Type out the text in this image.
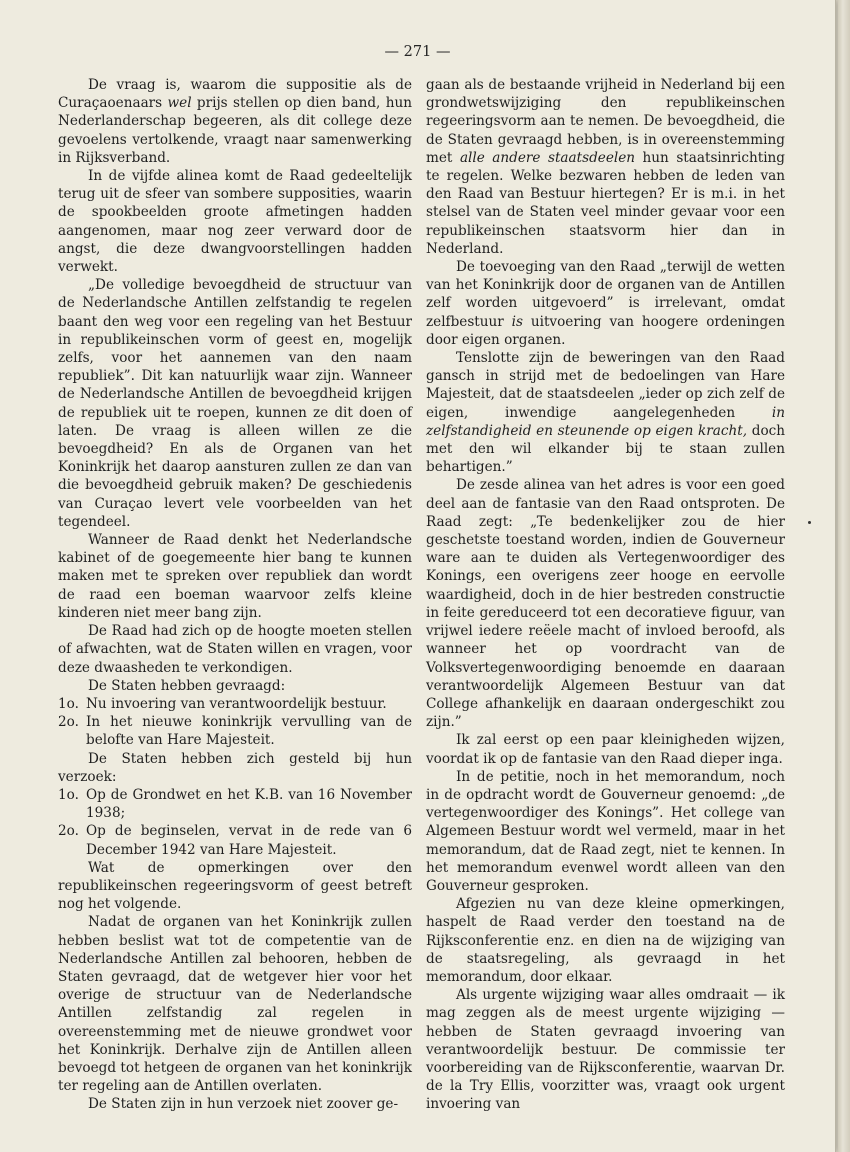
— 271 —

De vraag is, waarom die suppositie als de Curaçaoenaars wel prijs stellen op dien band, hun Nederlanderschap begeeren, als dit college deze gevoelens vertolkende, vraagt naar samenwerking in Rijksverband.

In de vijfde alinea komt de Raad gedeeltelijk terug uit de sfeer van sombere supposities, waarin de spookbeelden groote afmetingen hadden aangenomen, maar nog zeer verward door de angst, die deze dwangvoorstellingen hadden verwekt.

„De volledige bevoegdheid de structuur van de Nederlandsche Antillen zelfstandig te regelen baant den weg voor een regeling van het Bestuur in republikeinschen vorm of geest en, mogelijk zelfs, voor het aannemen van den naam republiek”. Dit kan natuurlijk waar zijn. Wanneer de Nederlandsche Antillen de bevoegdheid krijgen de republiek uit te roepen, kunnen ze dit doen of laten. De vraag is alleen willen ze die bevoegdheid? En als de Organen van het Koninkrijk het daarop aansturen zullen ze dan van die bevoegdheid gebruik maken? De geschiedenis van Curaçao levert vele voorbeelden van het tegendeel.

Wanneer de Raad denkt het Nederlandsche kabinet of de goegemeente hier bang te kunnen maken met te spreken over republiek dan wordt de raad een boeman waarvoor zelfs kleine kinderen niet meer bang zijn.

De Raad had zich op de hoogte moeten stellen of afwachten, wat de Staten willen en vragen, voor deze dwaasheden te verkondigen.

De Staten hebben gevraagd:

1o. Nu invoering van verantwoordelijk bestuur.

2o. In het nieuwe koninkrijk vervulling van de belofte van Hare Majesteit.

De Staten hebben zich gesteld bij hun verzoek:

1o. Op de Grondwet en het K.B. van 16 November 1938;

2o. Op de beginselen, vervat in de rede van 6 December 1942 van Hare Majesteit.

Wat de opmerkingen over den republikeinschen regeeringsvorm of geest betreft nog het volgende.

Nadat de organen van het Koninkrijk zullen hebben beslist wat tot de competentie van de Nederlandsche Antillen zal behooren, hebben de Staten gevraagd, dat de wetgever hier voor het overige de structuur van de Nederlandsche Antillen zelfstandig zal regelen in overeenstemming met de nieuwe grondwet voor het Koninkrijk. Derhalve zijn de Antillen alleen bevoegd tot hetgeen de organen van het koninkrijk ter regeling aan de Antillen overlaten.

De Staten zijn in hun verzoek niet zoover ge-

gaan als de bestaande vrijheid in Nederland bij een grondwetswijziging den republikeinschen regeeringsvorm aan te nemen. De bevoegdheid, die de Staten gevraagd hebben, is in overeenstemming met alle andere staatsdeelen hun staatsinrichting te regelen. Welke bezwaren hebben de leden van den Raad van Bestuur hiertegen? Er is m.i. in het stelsel van de Staten veel minder gevaar voor een republikeinschen staatsvorm hier dan in Nederland.

De toevoeging van den Raad „terwijl de wetten van het Koninkrijk door de organen van de Antillen zelf worden uitgevoerd” is irrelevant, omdat zelfbestuur is uitvoering van hoogere ordeningen door eigen organen.

Tenslotte zijn de beweringen van den Raad gansch in strijd met de bedoelingen van Hare Majesteit, dat de staatsdeelen „ieder op zich zelf de eigen, inwendige aangelegenheden in zelfstandigheid en steunende op eigen kracht, doch met den wil elkander bij te staan zullen behartigen.”

De zesde alinea van het adres is voor een goed deel aan de fantasie van den Raad ontsproten. De Raad zegt: „Te bedenkelijker zou de hier geschetste toestand worden, indien de Gouverneur ware aan te duiden als Vertegenwoordiger des Konings, een overigens zeer hooge en eervolle waardigheid, doch in de hier bestreden constructie in feite gereduceerd tot een decoratieve figuur, van vrijwel iedere reëele macht of invloed beroofd, als wanneer het op voordracht van de Volksvertegenwoordiging benoemde en daaraan verantwoordelijk Algemeen Bestuur van dat College afhankelijk en daaraan ondergeschikt zou zijn.”

Ik zal eerst op een paar kleinigheden wijzen, voordat ik op de fantasie van den Raad dieper inga.

In de petitie, noch in het memorandum, noch in de opdracht wordt de Gouverneur genoemd: „de vertegenwoordiger des Konings”. Het college van Algemeen Bestuur wordt wel vermeld, maar in het memorandum, dat de Raad zegt, niet te kennen. In het memorandum evenwel wordt alleen van den Gouverneur gesproken.

Afgezien nu van deze kleine opmerkingen, haspelt de Raad verder den toestand na de Rijksconferentie enz. en dien na de wijziging van de staatsregeling, als gevraagd in het memorandum, door elkaar.

Als urgente wijziging waar alles omdraait — ik mag zeggen als de meest urgente wijziging — hebben de Staten gevraagd invoering van verantwoordelijk bestuur. De commissie ter voorbereiding van de Rijksconferentie, waarvan Dr. de la Try Ellis, voorzitter was, vraagt ook urgent invoering van
